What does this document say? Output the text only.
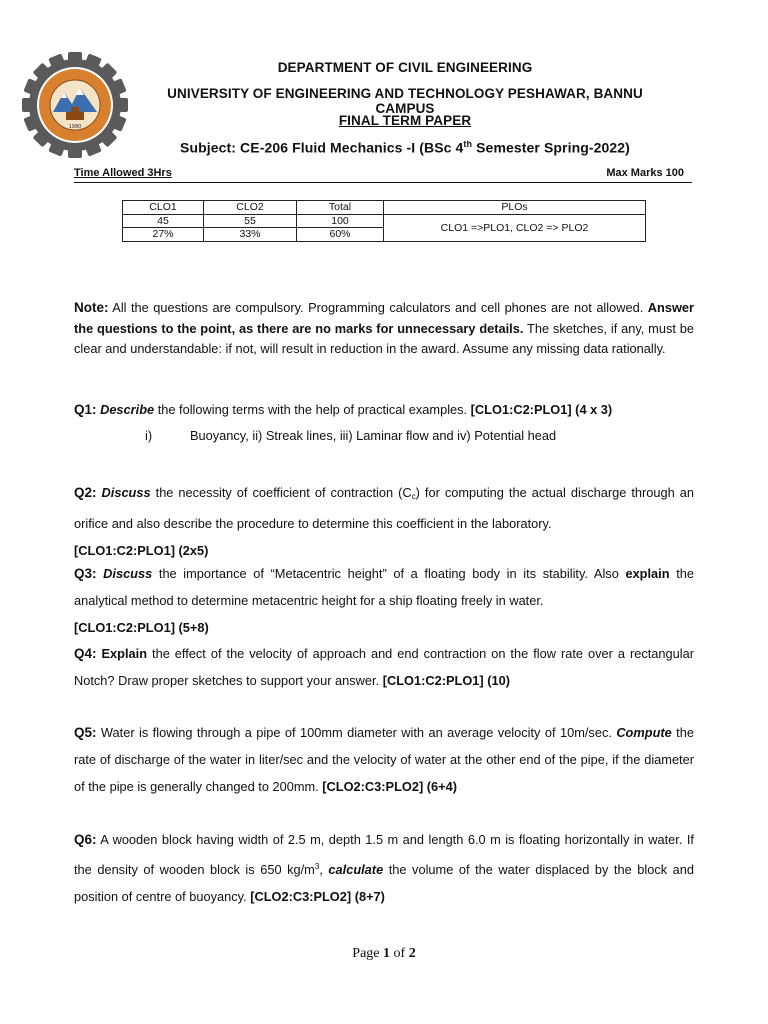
1980
DEPARTMENT OF CIVIL ENGINEERING
UNIVERSITY OF ENGINEERING AND TECHNOLOGY PESHAWAR, BANNU CAMPUS
FINAL TERM PAPER
Subject: CE-206 Fluid Mechanics -I (BSc 4th Semester Spring-2022)
Time Allowed 3Hrs	Max Marks 100
CLO1	CLO2	Total	PLOs
45	55	100	CLO1 =>PLO1, CLO2 => PLO2
27%	33%	60%	
Note: All the questions are compulsory. Programming calculators and cell phones are not allowed. Answer the questions to the point, as there are no marks for unnecessary details. The sketches, if any, must be clear and understandable: if not, will result in reduction in the award. Assume any missing data rationally.
Q1: Describe the following terms with the help of practical examples. [CLO1:C2:PLO1] (4 x 3)
i)	Buoyancy, ii) Streak lines, iii) Laminar flow and iv) Potential head
Q2: Discuss the necessity of coefficient of contraction $(C_c)$ for computing the actual discharge through an orifice and also describe the procedure to determine this coefficient in the laboratory.
[CLO1:C2:PLO1] (2x5)
Q3: Discuss the importance of “Metacentric height” of a floating body in its stability. Also explain the analytical method to determine metacentric height for a ship floating freely in water.
[CLO1:C2:PLO1] (5+8)
Q4: Explain the effect of the velocity of approach and end contraction on the flow rate over a rectangular Notch? Draw proper sketches to support your answer. [CLO1:C2:PLO1] (10)
Q5: Water is flowing through a pipe of 100mm diameter with an average velocity of 10m/sec. Compute the rate of discharge of the water in liter/sec and the velocity of water at the other end of the pipe, if the diameter of the pipe is generally changed to 200mm. [CLO2:C3:PLO2] (6+4)
Q6: A wooden block having width of 2.5 m, depth 1.5 m and length 6.0 m is floating horizontally in water. If the density of wooden block is 650 $kg/m^3$, calculate the volume of the water displaced by the block and position of centre of buoyancy. [CLO2:C3:PLO2] (8+7)
Page 1 of 2
